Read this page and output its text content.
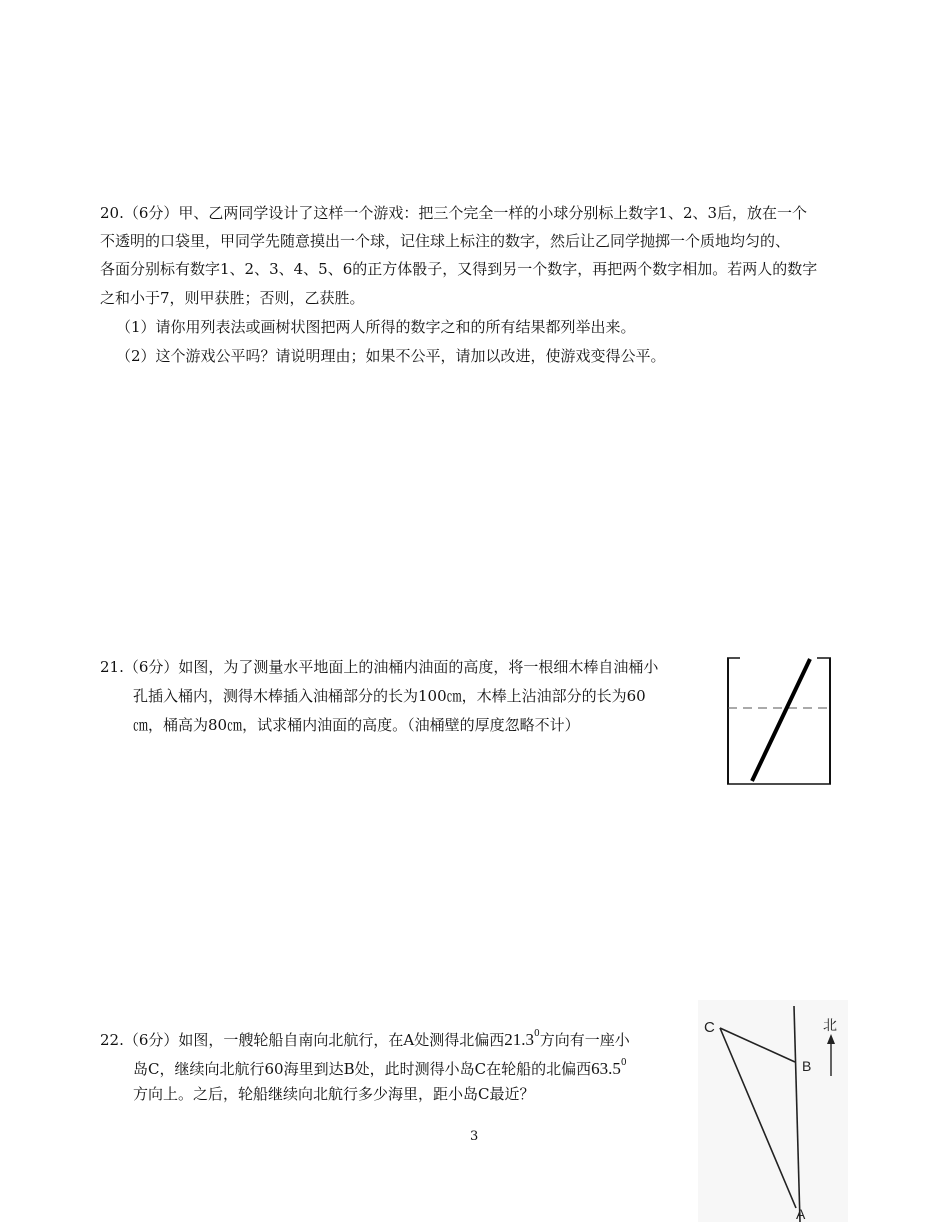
20.（6分）甲、乙两同学设计了这样一个游戏：把三个完全一样的小球分别标上数字1、2、3后，放在一个
不透明的口袋里，甲同学先随意摸出一个球，记住球上标注的数字，然后让乙同学抛掷一个质地均匀的、
各面分别标有数字1、2、3、4、5、6的正方体骰子，又得到另一个数字，再把两个数字相加。若两人的数字
之和小于7，则甲获胜；否则，乙获胜。
（1）请你用列表法或画树状图把两人所得的数字之和的所有结果都列举出来。
（2）这个游戏公平吗？请说明理由；如果不公平，请加以改进，使游戏变得公平。
21.（6分）如图，为了测量水平地面上的油桶内油面的高度，将一根细木棒自油桶小
孔插入桶内，测得木棒插入油桶部分的长为100㎝，木棒上沾油部分的长为60
㎝，桶高为80㎝，试求桶内油面的高度。（油桶壁的厚度忽略不计）
22.（6分）如图，一艘轮船自南向北航行，在A处测得北偏西21.3$^0$方向有一座小
岛C，继续向北航行60海里到达B处，此时测得小岛C在轮船的北偏西63.5$^0$
方向上。之后，轮船继续向北航行多少海里，距小岛C最近？
C
B
A
北
3
